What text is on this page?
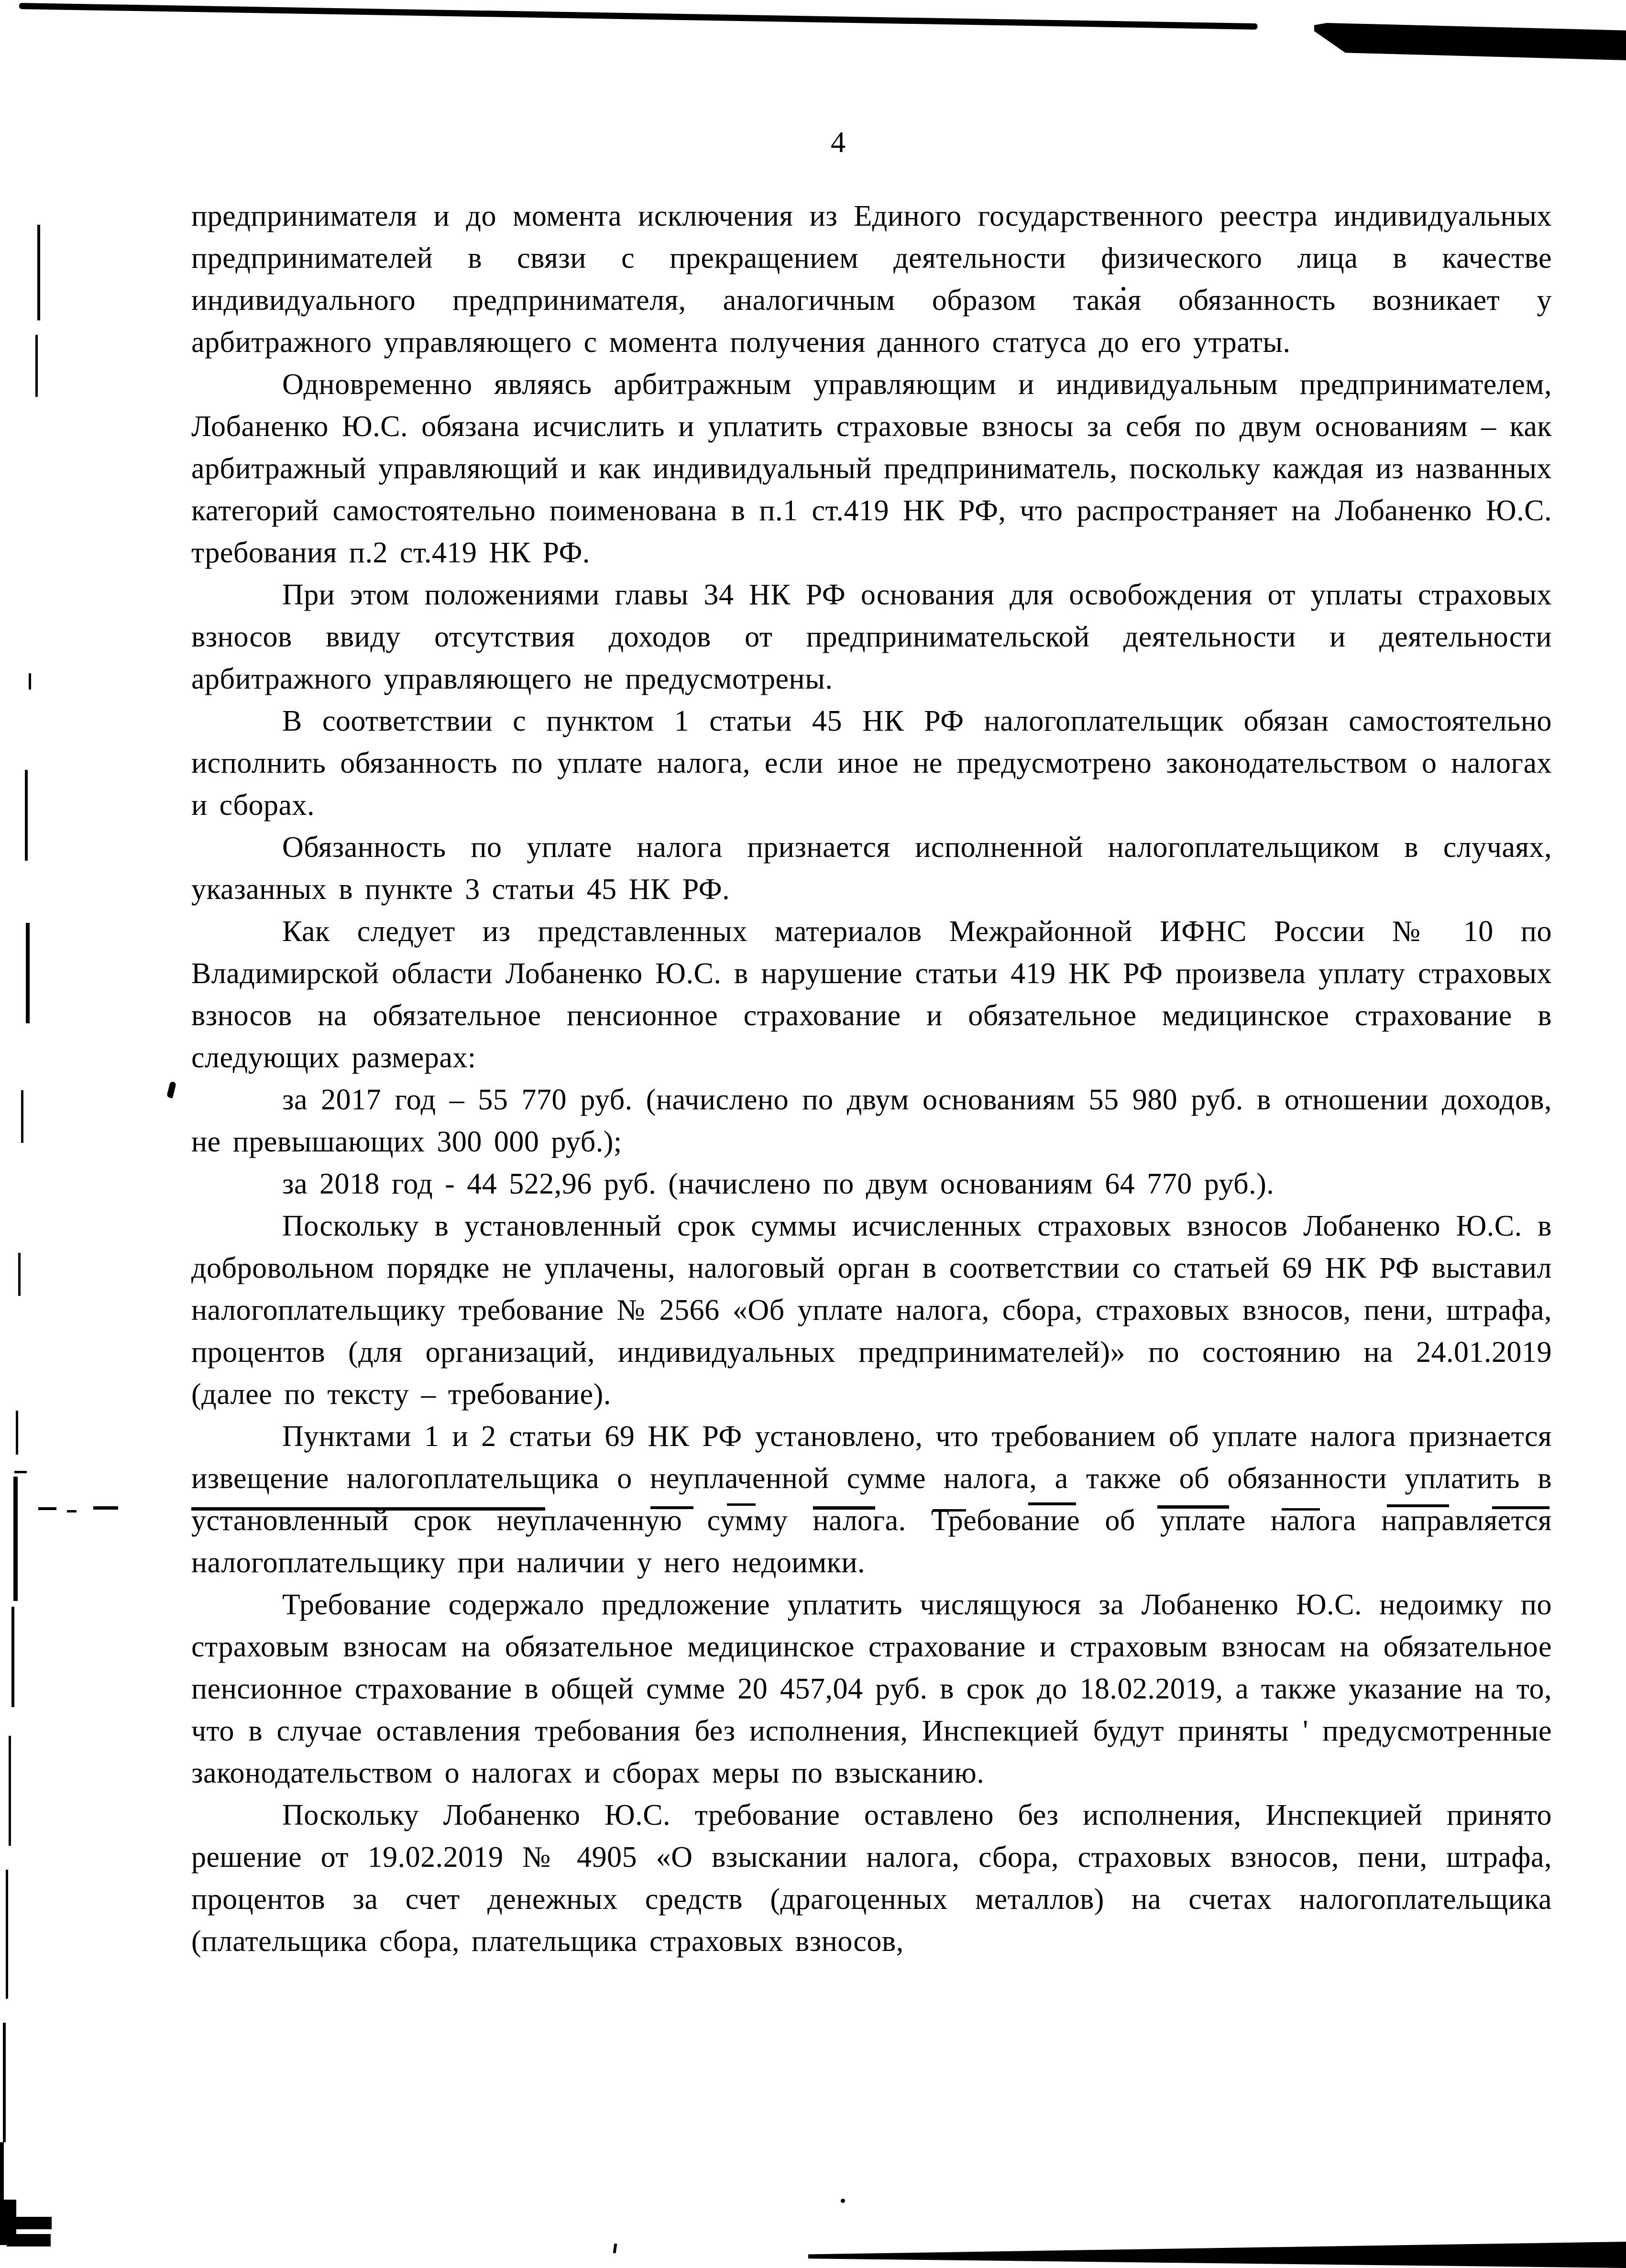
4

предпринимателя и до момента исключения из Единого государственного реестра индивидуальных предпринимателей в связи с прекращением деятельности физического лица в качестве индивидуального предпринимателя, аналогичным образом такая обязанность возникает у арбитражного управляющего с момента получения данного статуса до его утраты.

Одновременно являясь арбитражным управляющим и индивидуальным предпринимателем, Лобаненко Ю.С. обязана исчислить и уплатить страховые взносы за себя по двум основаниям – как арбитражный управляющий и как индивидуальный предприниматель, поскольку каждая из названных категорий самостоятельно поименована в п.1 ст.419 НК РФ, что распространяет на Лобаненко Ю.С. требования п.2 ст.419 НК РФ.

При этом положениями главы 34 НК РФ основания для освобождения от уплаты страховых взносов ввиду отсутствия доходов от предпринимательской деятельности и деятельности арбитражного управляющего не предусмотрены.

В соответствии с пунктом 1 статьи 45 НК РФ налогоплательщик обязан самостоятельно исполнить обязанность по уплате налога, если иное не предусмотрено законодательством о налогах и сборах.

Обязанность по уплате налога признается исполненной налогоплательщиком в случаях, указанных в пункте 3 статьи 45 НК РФ.

Как следует из представленных материалов Межрайонной ИФНС России № 10 по Владимирской области Лобаненко Ю.С. в нарушение статьи 419 НК РФ произвела уплату страховых взносов на обязательное пенсионное страхование и обязательное медицинское страхование в следующих размерах:

за 2017 год – 55 770 руб. (начислено по двум основаниям 55 980 руб. в отношении доходов, не превышающих 300 000 руб.);

за 2018 год - 44 522,96 руб. (начислено по двум основаниям 64 770 руб.).

Поскольку в установленный срок суммы исчисленных страховых взносов Лобаненко Ю.С. в добровольном порядке не уплачены, налоговый орган в соответствии со статьей 69 НК РФ выставил налогоплательщику требование № 2566 «Об уплате налога, сбора, страховых взносов, пени, штрафа, процентов (для организаций, индивидуальных предпринимателей)» по состоянию на 24.01.2019 (далее по тексту – требование).

Пунктами 1 и 2 статьи 69 НК РФ установлено, что требованием об уплате налога признается извещение налогоплательщика о неуплаченной сумме налога, а также об обязанности уплатить в установленный срок неуплаченную сумму налога. Требование об уплате налога направляется налогоплательщику при наличии у него недоимки.

Требование содержало предложение уплатить числящуюся за Лобаненко Ю.С. недоимку по страховым взносам на обязательное медицинское страхование и страховым взносам на обязательное пенсионное страхование в общей сумме 20 457,04 руб. в срок до 18.02.2019, а также указание на то, что в случае оставления требования без исполнения, Инспекцией будут приняты ' предусмотренные законодательством о налогах и сборах меры по взысканию.

Поскольку Лобаненко Ю.С. требование оставлено без исполнения, Инспекцией принято решение от 19.02.2019 № 4905 «О взыскании налога, сбора, страховых взносов, пени, штрафа, процентов за счет денежных средств (драгоценных металлов) на счетах налогоплательщика (плательщика сбора, плательщика страховых взносов,
